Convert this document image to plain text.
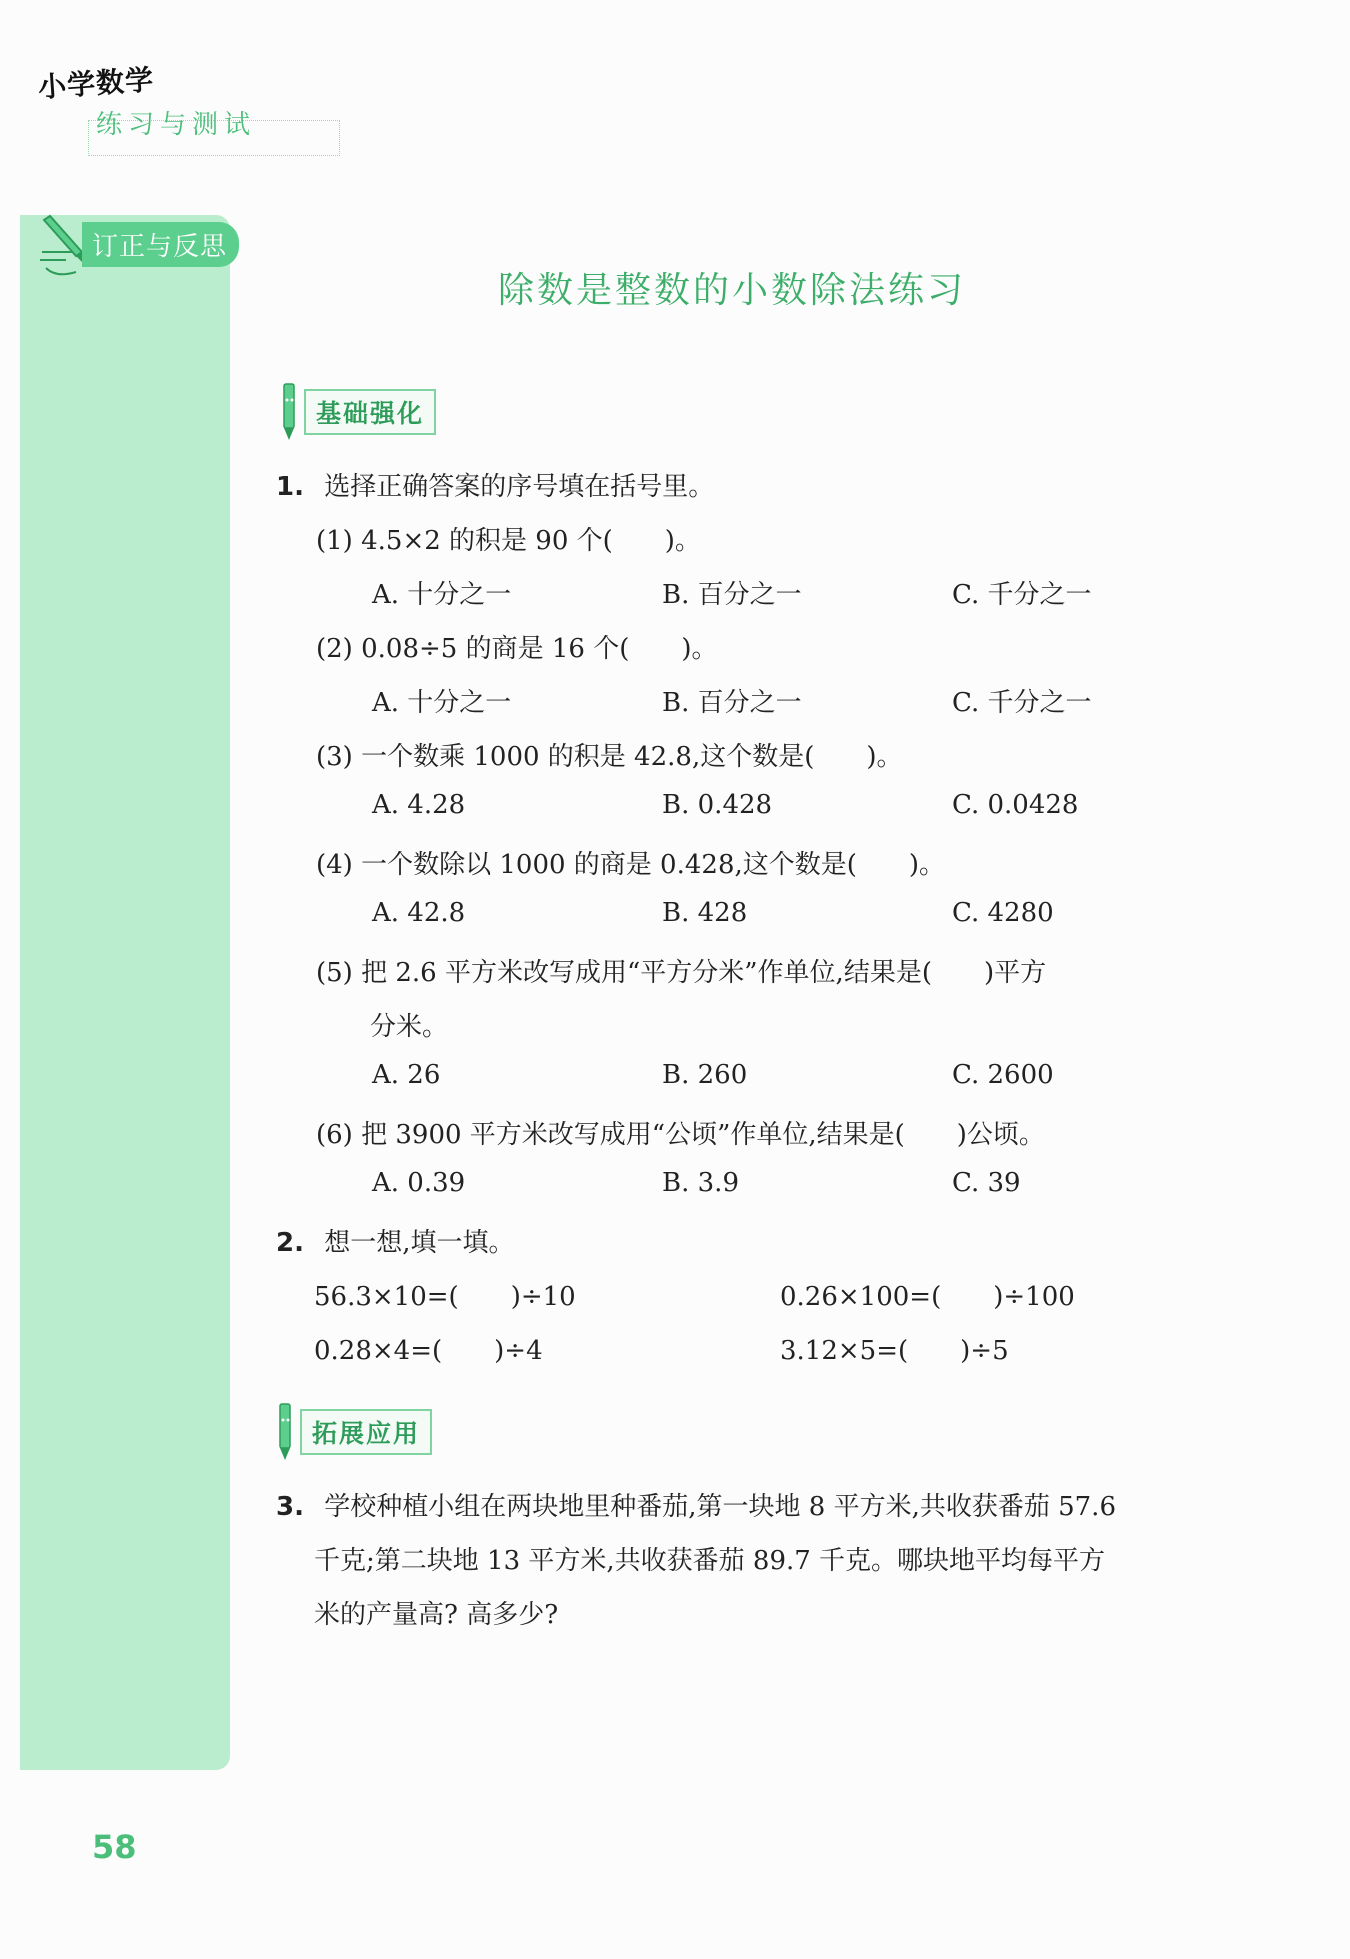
小学数学
练习与测试
订正与反思
除数是整数的小数除法练习
基础强化
1. 选择正确答案的序号填在括号里。
(1) 4.5×2 的积是 90 个(　　)。
A. 十分之一	B. 百分之一	C. 千分之一
(2) 0.08÷5 的商是 16 个(　　)。
A. 十分之一	B. 百分之一	C. 千分之一
(3) 一个数乘 1000 的积是 42.8,这个数是(　　)。
A. 4.28	B. 0.428	C. 0.0428
(4) 一个数除以 1000 的商是 0.428,这个数是(　　)。
A. 42.8	B. 428	C. 4280
(5) 把 2.6 平方米改写成用“平方分米”作单位,结果是(　　)平方
分米。
A. 26	B. 260	C. 2600
(6) 把 3900 平方米改写成用“公顷”作单位,结果是(　　)公顷。
A. 0.39	B. 3.9	C. 39
2. 想一想,填一填。
56.3×10=(　　)÷10	0.26×100=(　　)÷100
0.28×4=(　　)÷4	3.12×5=(　　)÷5
拓展应用
3. 学校种植小组在两块地里种番茄,第一块地 8 平方米,共收获番茄 57.6
千克;第二块地 13 平方米,共收获番茄 89.7 千克。哪块地平均每平方
米的产量高? 高多少?
58
